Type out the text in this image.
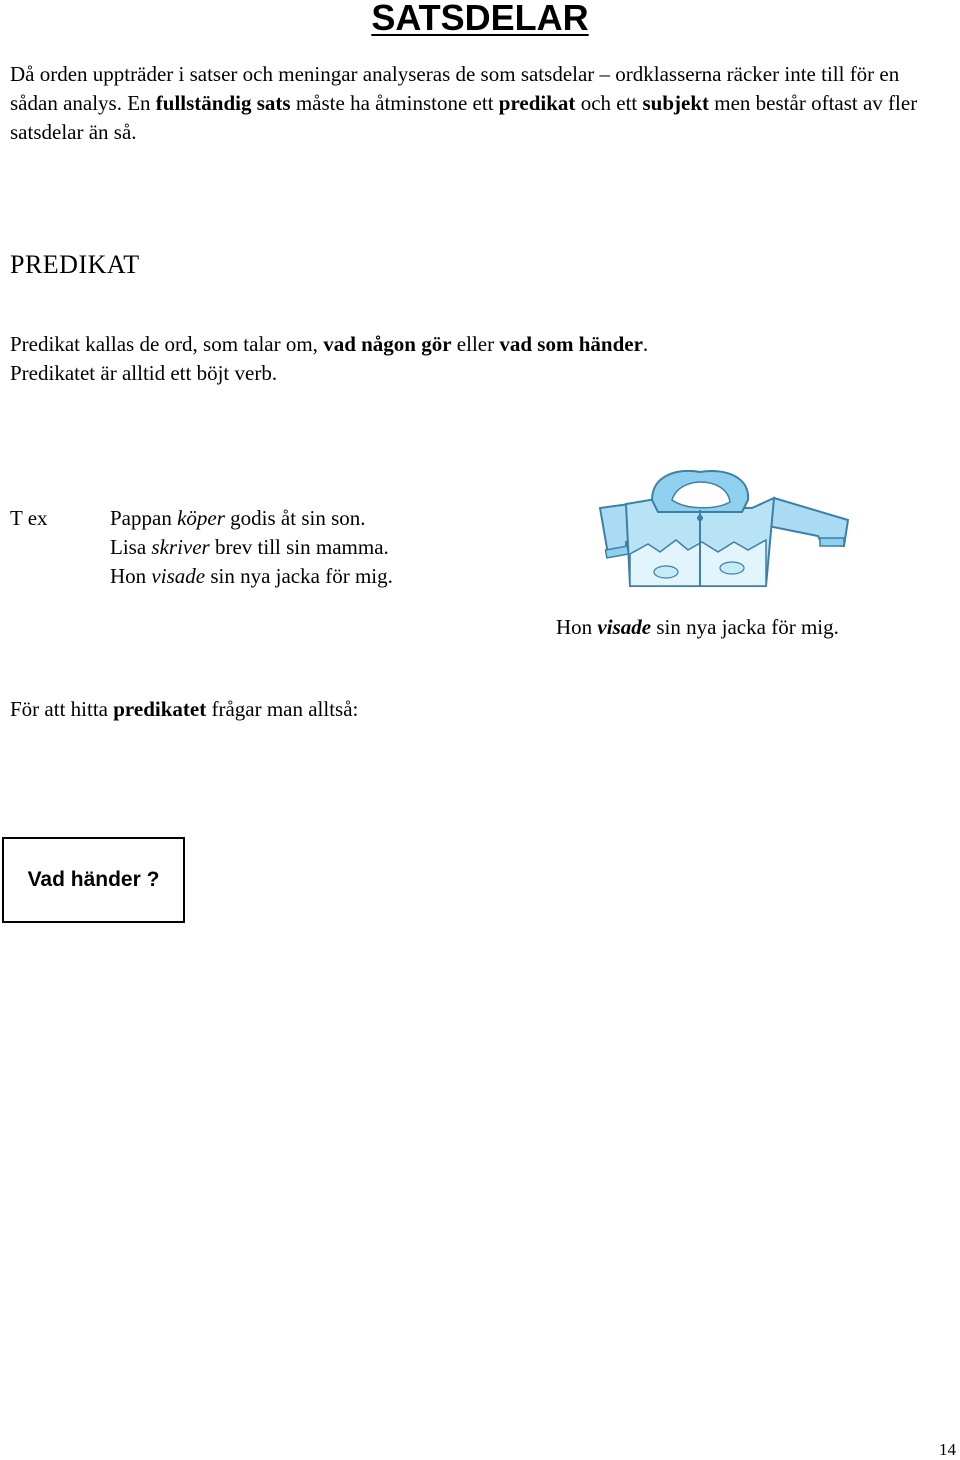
SATSDELAR

Då orden uppträder i satser och meningar analyseras de som satsdelar – ordklasserna räcker inte till för en sådan analys. En fullständig sats måste ha åtminstone ett predikat och ett subjekt men består oftast av fler satsdelar än så.

PREDIKAT

Predikat kallas de ord, som talar om, vad någon gör eller vad som händer.
Predikatet är alltid ett böjt verb.

T ex	Pappan köper godis åt sin son.
Lisa skriver brev till sin mamma.
Hon visade sin nya jacka för mig.
Hon visade sin nya jacka för mig.

För att hitta predikatet frågar man alltså:

Vad händer ?
14
